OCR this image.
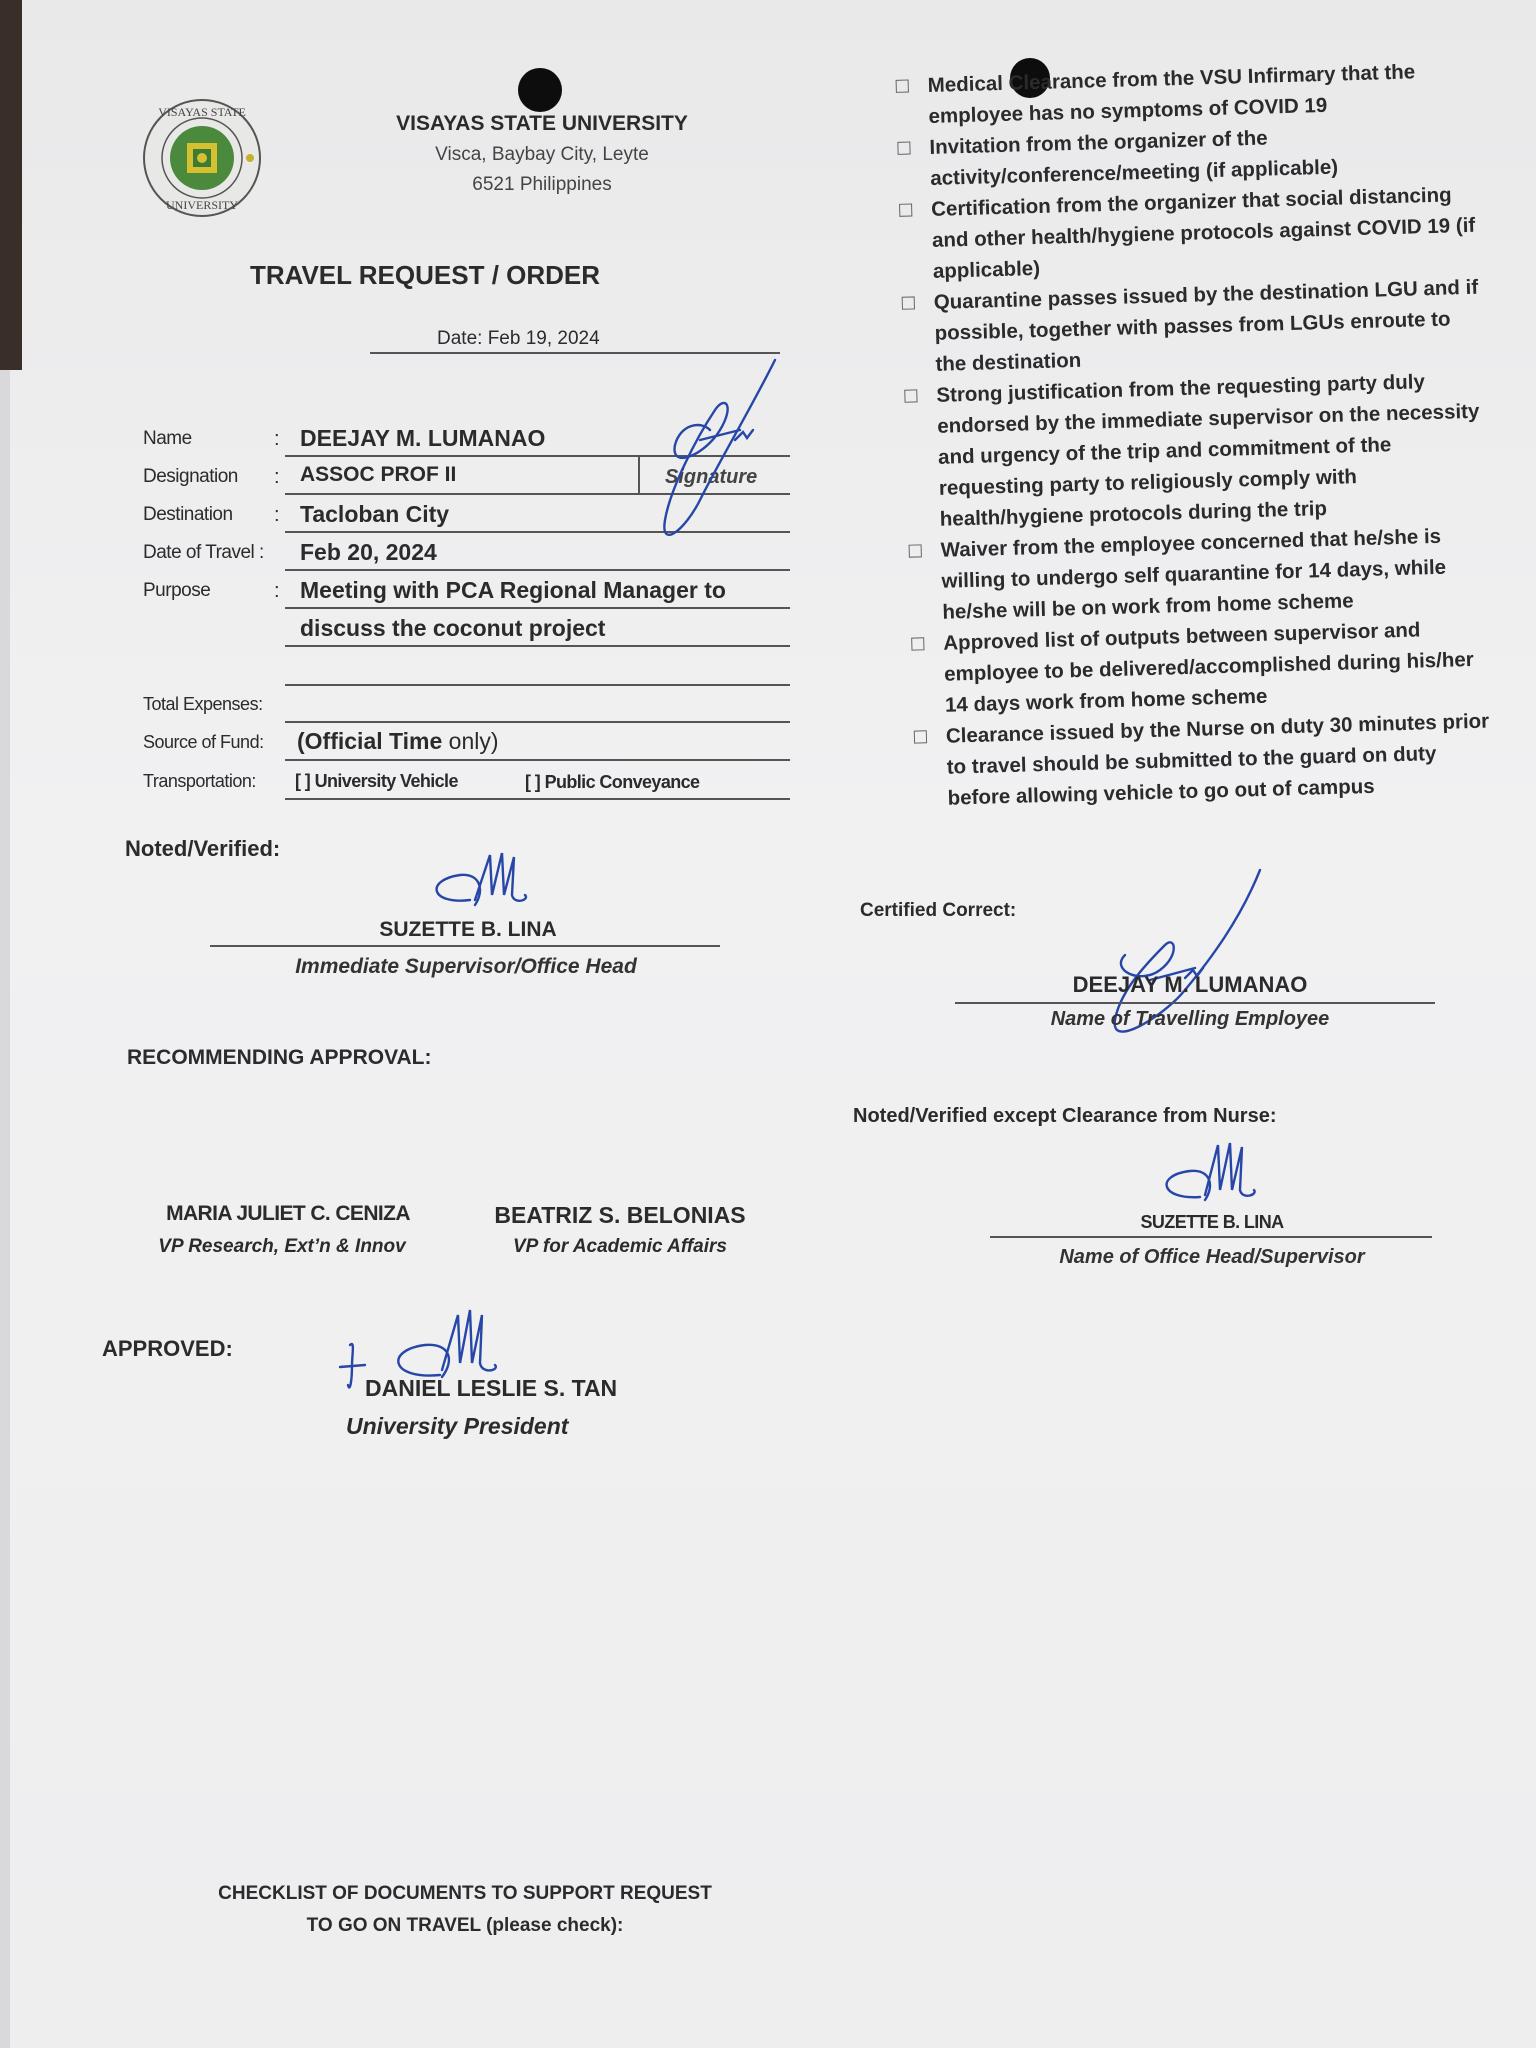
VISAYAS STATE
UNIVERSITY
VISAYAS STATE UNIVERSITY
Visca, Baybay City, Leyte
6521 Philippines
TRAVEL REQUEST / ORDER
Date: Feb 19, 2024
Name	: DEEJAY M. LUMANAO
Designation : ASSOC PROF II	Signature
Destination : Tacloban City
Date of Travel : Feb 20, 2024
Purpose	: Meeting with PCA Regional Manager to
discuss the coconut project
Total Expenses:
Source of Fund: (Official Time only)
Transportation: [ ] University Vehicle	[ ] Public Conveyance
Noted/Verified:
SUZETTE B. LINA
Immediate Supervisor/Office Head
RECOMMENDING APPROVAL:
MARIA JULIET C. CENIZA
VP Research, Ext’n & Innov
BEATRIZ S. BELONIAS
VP for Academic Affairs
APPROVED:
DANIEL LESLIE S. TAN
University President
CHECKLIST OF DOCUMENTS TO SUPPORT REQUEST
TO GO ON TRAVEL (please check):
Medical Clearance from the VSU Infirmary that the employee has no symptoms of COVID 19
Invitation from the organizer of the activity/conference/meeting (if applicable)
Certification from the organizer that social distancing and other health/hygiene protocols against COVID 19 (if applicable)
Quarantine passes issued by the destination LGU and if possible, together with passes from LGUs enroute to the destination
Strong justification from the requesting party duly endorsed by the immediate supervisor on the necessity and urgency of the trip and commitment of the requesting party to religiously comply with health/hygiene protocols during the trip
Waiver from the employee concerned that he/she is willing to undergo self quarantine for 14 days, while he/she will be on work from home scheme
Approved list of outputs between supervisor and employee to be delivered/accomplished during his/her 14 days work from home scheme
Clearance issued by the Nurse on duty 30 minutes prior to travel should be submitted to the guard on duty before allowing vehicle to go out of campus
Certified Correct:
DEEJAY M. LUMANAO
Name of Travelling Employee
Noted/Verified except Clearance from Nurse:
SUZETTE B. LINA
Name of Office Head/Supervisor
